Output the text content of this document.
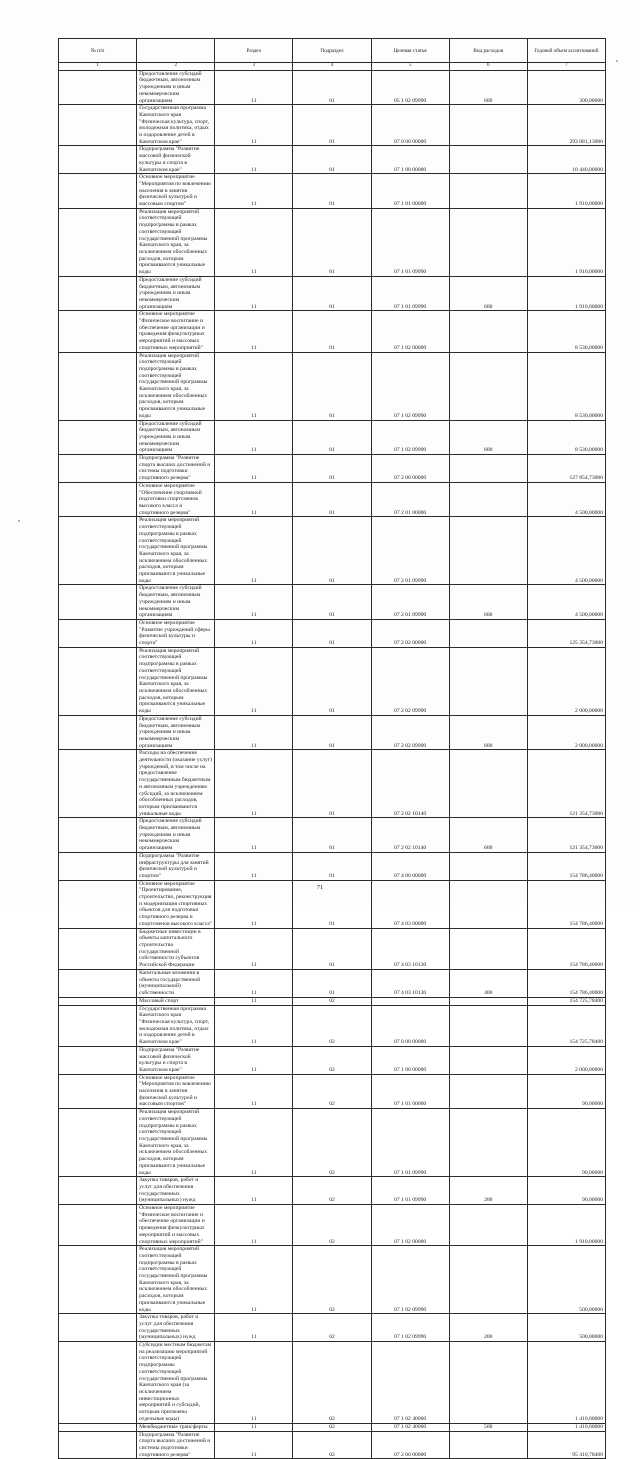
№ п/п		Раздел	Подраздел	Целевая статья	Вид расходов	Годовой объем ассигнований
1	2	3	4	5	6	7
	Предоставление субсидий бюджетным, автономным учреждениям и иным некоммерческим организациям	11	01	05 1 02 09990	600	300,00000
	Государственная программа Камчатского края "Физическая культура, спорт, молодежная политика, отдых и оздоровление детей в Камчатском крае"	11	01	07 0 00 00000		293 081,13000
	Подпрограмма "Развитие массовой физической культуры и спорта в Камчатском крае"	11	01	07 1 00 00000		10 440,00000
	Основное мероприятие "Мероприятия по вовлечению населения в занятия физической культурой и массовым спортом"	11	01	07 1 01 00000		1 910,00000
	Реализация мероприятий соответствующей подпрограммы в рамках соответствующей государственной программы Камчатского края, за исключением обособленных расходов, которым присваиваются уникальные коды	11	01	07 1 01 09990		1 910,00000
	Предоставление субсидий бюджетным, автономным учреждениям и иным некоммерческим организациям	11	01	07 1 01 09990	600	1 910,00000
	Основное мероприятие "Физическое воспитание и обеспечение организации и проведения физкультурных мероприятий и массовых спортивных мероприятий"	11	01	07 1 02 00000		8 530,00000
	Реализация мероприятий соответствующей подпрограммы в рамках соответствующей государственной программы Камчатского края, за исключением обособленных расходов, которым присваиваются уникальные коды	11	01	07 1 02 09990		8 530,00000
	Предоставление субсидий бюджетным, автономным учреждениям и иным некоммерческим организациям	11	01	07 1 02 09990	600	8 530,00000
	Подпрограмма "Развитие спорта высших достижений и системы подготовки спортивного резерва"	11	01	07 2 00 00000		127 854,73000
	Основное мероприятие "Обеспечение спортивной подготовки спортсменов высокого класса и спортивного резерва"	11	01	07 2 01 00000		4 500,00000
	Реализация мероприятий соответствующей подпрограммы в рамках соответствующей государственной программы Камчатского края, за исключением обособленных расходов, которым присваиваются уникальные коды	11	01	07 2 01 09990		4 500,00000
	Предоставление субсидий бюджетным, автономным учреждениям и иным некоммерческим организациям	11	01	07 2 01 09990	600	4 500,00000
	Основное мероприятие "Развитие учреждений сферы физической культуры и спорта"	11	01	07 2 02 00000		125 354,73000
	Реализация мероприятий соответствующей подпрограммы в рамках соответствующей государственной программы Камчатского края, за исключением обособленных расходов, которым присваиваются уникальные коды	11	01	07 2 02 09990		2 000,00000
	Предоставление субсидий бюджетным, автономным учреждениям и иным некоммерческим организациям	11	01	07 2 02 09990	600	2 000,00000
	Расходы на обеспечение деятельности (оказание услуг) учреждений, в том числе на предоставление государственным бюджетным и автономным учреждениям субсидий, за исключением обособленных расходов, которым присваиваются уникальные коды	11	01	07 2 02 10140		121 354,73000
	Предоставление субсидий бюджетным, автономным учреждениям и иным некоммерческим организациям	11	01	07 2 02 10140	600	121 354,73000
	Подпрограмма "Развитие инфраструктуры для занятий физической культурой и спортом"	11	01	07 4 00 00000		154 786,40000
	Основное мероприятие "Проектирование, строительство, реконструкция и модернизация спортивных объектов для подготовки спортивного резерва и спортсменов высокого класса"	11	01	07 4 03 00000		154 786,40000
	Бюджетные инвестиции в объекты капитального строительства государственной собственности субъектов Российской Федерации	11	01	07 4 03 10130		154 786,40000
	Капитальные вложения в объекты государственной (муниципальной) собственности	11	01	07 4 03 10130	400	154 786,40000
	Массовый спорт	11	02			154 725,78400
	Государственная программа Камчатского края "Физическая культура, спорт, молодежная политика, отдых и оздоровление детей в Камчатском крае"	11	02	07 0 00 00000		154 725,78400
	Подпрограмма "Развитие массовой физической культуры и спорта в Камчатском крае"	11	02	07 1 00 00000		2 000,00000
	Основное мероприятие "Мероприятия по вовлечению населения в занятия физической культурой и массовым спортом"	11	02	07 1 01 00000		90,00000
	Реализация мероприятий соответствующей подпрограммы в рамках соответствующей государственной программы Камчатского края, за исключением обособленных расходов, которым присваиваются уникальные коды	11	02	07 1 01 09990		90,00000
	Закупка товаров, работ и услуг для обеспечения государственных (муниципальных) нужд	11	02	07 1 01 09990	200	90,00000
	Основное мероприятие "Физическое воспитание и обеспечение организации и проведения физкультурных мероприятий и массовых спортивных мероприятий"	11	02	07 1 02 00000		1 910,00000
	Реализация мероприятий соответствующей подпрограммы в рамках соответствующей государственной программы Камчатского края, за исключением обособленных расходов, которым присваиваются уникальные коды	11	02	07 1 02 09990		500,00000
	Закупка товаров, работ и услуг для обеспечения государственных (муниципальных) нужд	11	02	07 1 02 09990	200	500,00000
	Субсидии местным бюджетам на реализацию мероприятий соответствующей подпрограммы соответствующей государственной программы Камчатского края (за исключением инвестиционных мероприятий и субсидий, которым присвоены отдельные коды)	11	02	07 1 02 40060		1 410,00000
	Межбюджетные трансферты	11	02	07 1 02 40060	500	1 410,00000
	Подпрограмма "Развитие спорта высших достижений и системы подготовки спортивного резерва"	11	02	07 2 00 00000		95 410,78400
71
